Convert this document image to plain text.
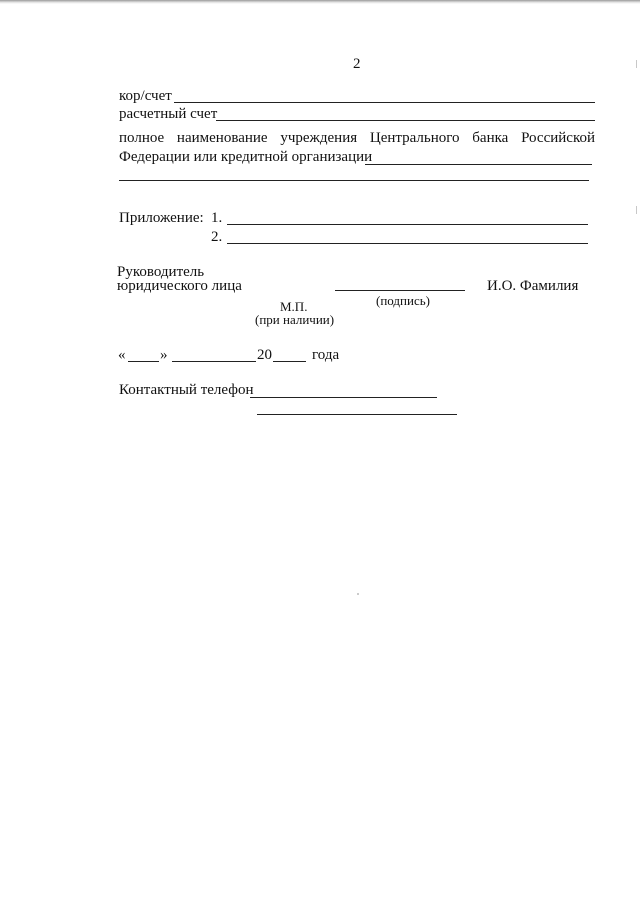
2
кор/счет
расчетный счет
полное наименование учреждения Центрального банка Российской
Федерации или кредитной организации
Приложение: 1.
2.
Руководитель
юридического лица
(подпись)
И.О. Фамилия
М.П.
(при наличии)
« »	20	года
Контактный телефон
